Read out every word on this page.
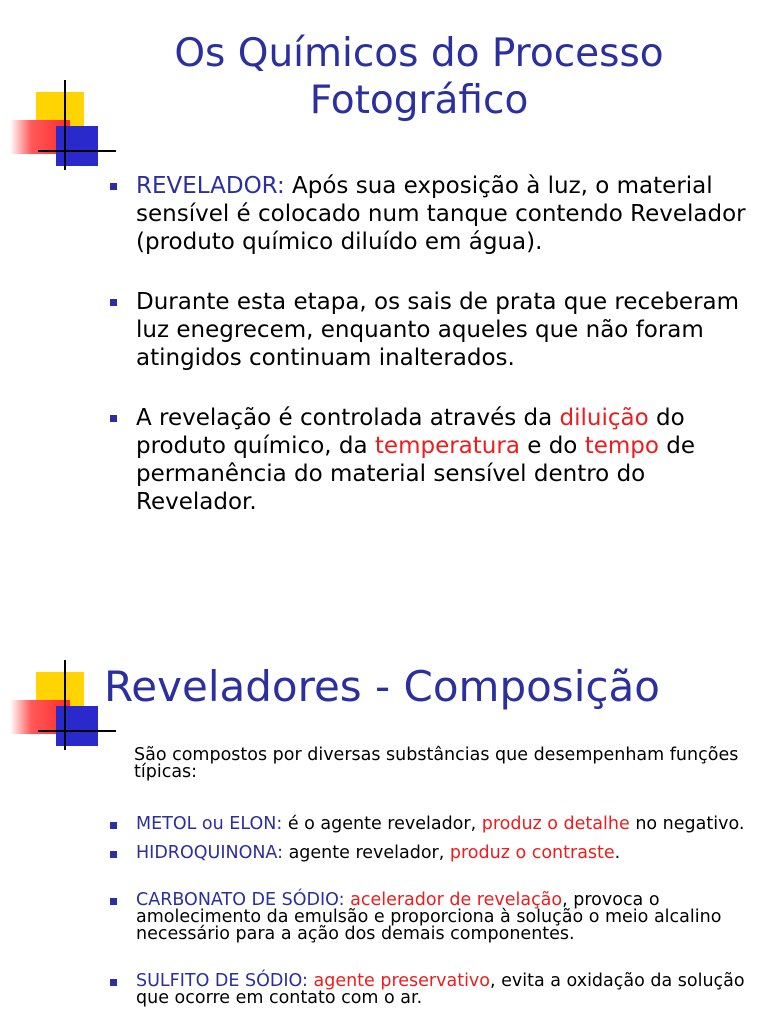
Os Químicos do Processo
Fotográfico
REVELADOR: Após sua exposição à luz, o material sensível é colocado num tanque contendo Revelador (produto químico diluído em água).
Durante esta etapa, os sais de prata que receberam luz enegrecem, enquanto aqueles que não foram atingidos continuam inalterados.
A revelação é controlada através da diluição do produto químico, da temperatura e do tempo de permanência do material sensível dentro do Revelador.
Reveladores - Composição

São compostos por diversas substâncias que desempenham funções típicas:

METOL ou ELON: é o agente revelador, produz o detalhe no negativo.
HIDROQUINONA: agente revelador, produz o contraste.
CARBONATO DE SÓDIO: acelerador de revelação, provoca o amolecimento da emulsão e proporciona à solução o meio alcalino necessário para a ação dos demais componentes.
SULFITO DE SÓDIO: agente preservativo, evita a oxidação da solução que ocorre em contato com o ar.
